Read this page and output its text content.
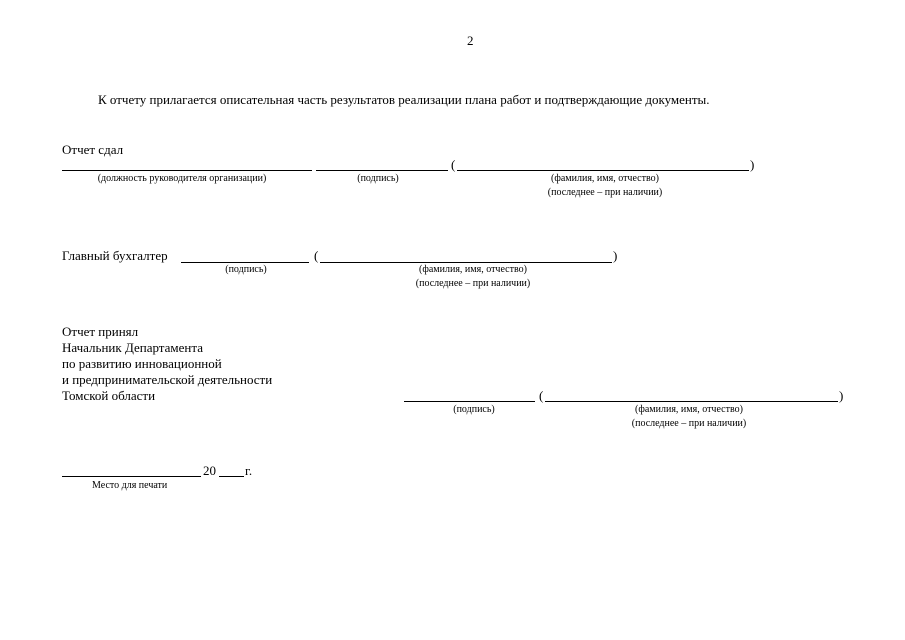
2
К отчету прилагается описательная часть результатов реализации плана работ и подтверждающие документы.
Отчет сдал
(	)
(должность руководителя организации)	(подпись)	(фамилия, имя, отчество)
(последнее – при наличии)
Главный бухгалтер	(	)
(подпись)	(фамилия, имя, отчество)
(последнее – при наличии)
Отчет принял
Начальник Департамента
по развитию инновационной
и предпринимательской деятельности
Томской области	(	)
(подпись)	(фамилия, имя, отчество)
(последнее – при наличии)
20 г.
Место для печати
